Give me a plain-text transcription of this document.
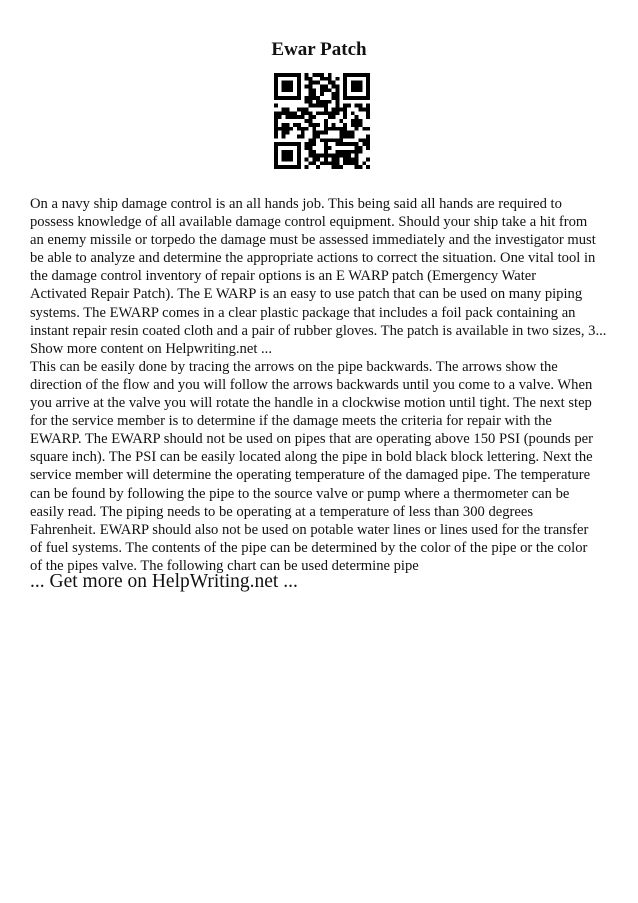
Ewar Patch

On a navy ship damage control is an all hands job. This being said all hands are required to

possess knowledge of all available damage control equipment. Should your ship take a hit from

an enemy missile or torpedo the damage must be assessed immediately and the investigator must

be able to analyze and determine the appropriate actions to correct the situation. One vital tool in

the damage control inventory of repair options is an E WARP patch (Emergency Water

Activated Repair Patch). The E WARP is an easy to use patch that can be used on many piping

systems. The EWARP comes in a clear plastic package that includes a foil pack containing an

instant repair resin coated cloth and a pair of rubber gloves. The patch is available in two sizes, 3...

Show more content on Helpwriting.net ...

This can be easily done by tracing the arrows on the pipe backwards. The arrows show the

direction of the flow and you will follow the arrows backwards until you come to a valve. When

you arrive at the valve you will rotate the handle in a clockwise motion until tight. The next step

for the service member is to determine if the damage meets the criteria for repair with the

EWARP. The EWARP should not be used on pipes that are operating above 150 PSI (pounds per

square inch). The PSI can be easily located along the pipe in bold black block lettering. Next the

service member will determine the operating temperature of the damaged pipe. The temperature

can be found by following the pipe to the source valve or pump where a thermometer can be

easily read. The piping needs to be operating at a temperature of less than 300 degrees

Fahrenheit. EWARP should also not be used on potable water lines or lines used for the transfer

of fuel systems. The contents of the pipe can be determined by the color of the pipe or the color

of the pipes valve. The following chart can be used determine pipe

... Get more on HelpWriting.net ...
